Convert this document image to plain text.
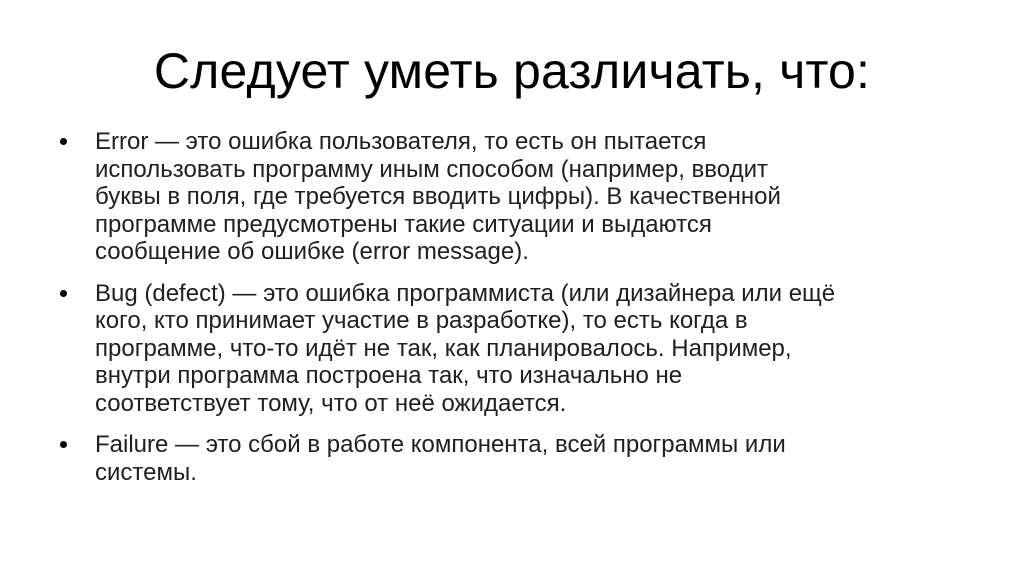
Следует уметь различать, что:
Error — это ошибка пользователя, то есть он пытается
использовать программу иным способом (например, вводит
буквы в поля, где требуется вводить цифры). В качественной
программе предусмотрены такие ситуации и выдаются
сообщение об ошибке (error message).
Bug (defect) — это ошибка программиста (или дизайнера или ещё
кого, кто принимает участие в разработке), то есть когда в
программе, что-то идёт не так, как планировалось. Например,
внутри программа построена так, что изначально не
соответствует тому, что от неё ожидается.
Failure — это сбой в работе компонента, всей программы или
системы.
